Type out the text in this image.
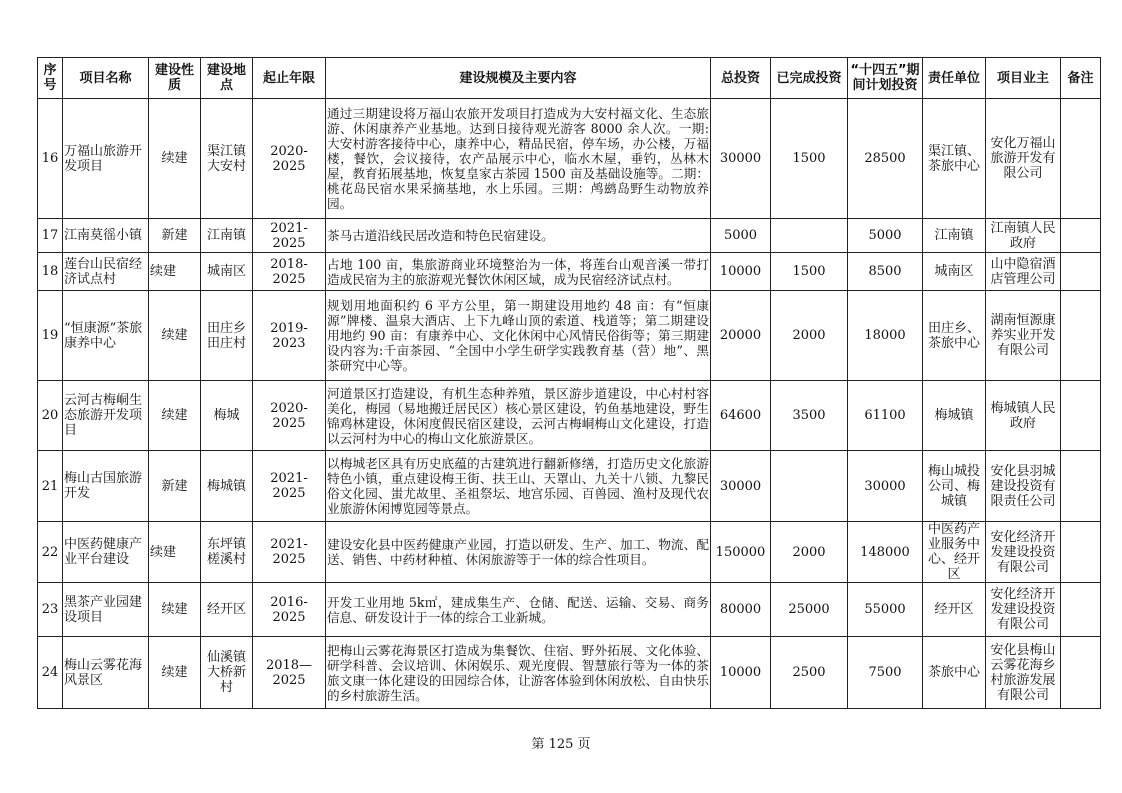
序号	项目名称	建设性质	建设地点	起止年限	建设规模及主要内容	总投资	已完成投资	“十四五”期间计划投资	责任单位	项目业主	备注
16	万福山旅游开发项目	续建	渠江镇大安村	2020-2025	通过三期建设将万福山农旅开发项目打造成为大安村福文化、生态旅游、休闲康养产业基地。达到日接待观光游客 8000 余人次。一期:大安村游客接待中心，康养中心，精品民宿，停车场，办公楼，万福楼，餐饮，会议接待，农产品展示中心，临水木屋，垂钓，丛林木屋，教育拓展基地，恢复皇家古茶园 1500 亩及基础设施等。二期：桃花岛民宿水果采摘基地，水上乐园。三期：鸬鹚岛野生动物放养园。	30000	1500	28500	渠江镇、茶旅中心	安化万福山旅游开发有限公司	
17	江南莫徭小镇	新建	江南镇	2021-2025	茶马古道沿线民居改造和特色民宿建设。	5000		5000	江南镇	江南镇人民政府	
18	莲台山民宿经济试点村	续建	城南区	2018-2025	占地 100 亩，集旅游商业环境整治为一体，将莲台山观音溪一带打造成民宿为主的旅游观光餐饮休闲区域，成为民宿经济试点村。	10000	1500	8500	城南区	山中隐宿酒店管理公司	
19	“恒康源”茶旅康养中心	续建	田庄乡田庄村	2019-2023	规划用地面积约 6 平方公里，第一期建设用地约 48 亩：有“恒康源”牌楼、温泉大酒店、上下九峰山顶的索道、栈道等；第二期建设用地约 90 亩：有康养中心、文化休闲中心风情民俗街等；第三期建设内容为:千亩茶园、“全国中小学生研学实践教育基（营）地”、黑茶研究中心等。	20000	2000	18000	田庄乡、茶旅中心	湖南恒源康养实业开发有限公司	
20	云河古梅峒生态旅游开发项目	续建	梅城	2020-2025	河道景区打造建设，有机生态种养殖，景区游步道建设，中心村村容美化，梅园（易地搬迁居民区）核心景区建设，钓鱼基地建设，野生锦鸡林建设，休闲度假民宿区建设，云河古梅峒梅山文化建设，打造以云河村为中心的梅山文化旅游景区。	64600	3500	61100	梅城镇	梅城镇人民政府	
21	梅山古国旅游开发	新建	梅城镇	2021-2025	以梅城老区具有历史底蕴的古建筑进行翻新修缮，打造历史文化旅游特色小镇，重点建设梅王街、扶王山、天罩山、九关十八锁、九黎民俗文化园、蚩尤故里、圣祖祭坛、地宫乐园、百兽园、渔村及现代农业旅游休闲博览园等景点。	30000		30000	梅山城投公司、梅城镇	安化县羽城建设投资有限责任公司	
22	中医药健康产业平台建设	续建	东坪镇槎溪村	2021-2025	建设安化县中医药健康产业园，打造以研发、生产、加工、物流、配送、销售、中药材种植、休闲旅游等于一体的综合性项目。	150000	2000	148000	中医药产业服务中心、经开区	安化经济开发建设投资有限公司	
23	黑茶产业园建设项目	续建	经开区	2016-2025	开发工业用地 5k㎡，建成集生产、仓储、配送、运输、交易、商务信息、研发设计于一体的综合工业新城。	80000	25000	55000	经开区	安化经济开发建设投资有限公司	
24	梅山云雾花海风景区	续建	仙溪镇大桥新村	2018—2025	把梅山云雾花海景区打造成为集餐饮、住宿、野外拓展、文化体验、研学科普、会议培训、休闲娱乐、观光度假、智慧旅行等为一体的茶旅文康一体化建设的田园综合体，让游客体验到休闲放松、自由快乐的乡村旅游生活。	10000	2500	7500	茶旅中心	安化县梅山云雾花海乡村旅游发展有限公司	
第 125 页
